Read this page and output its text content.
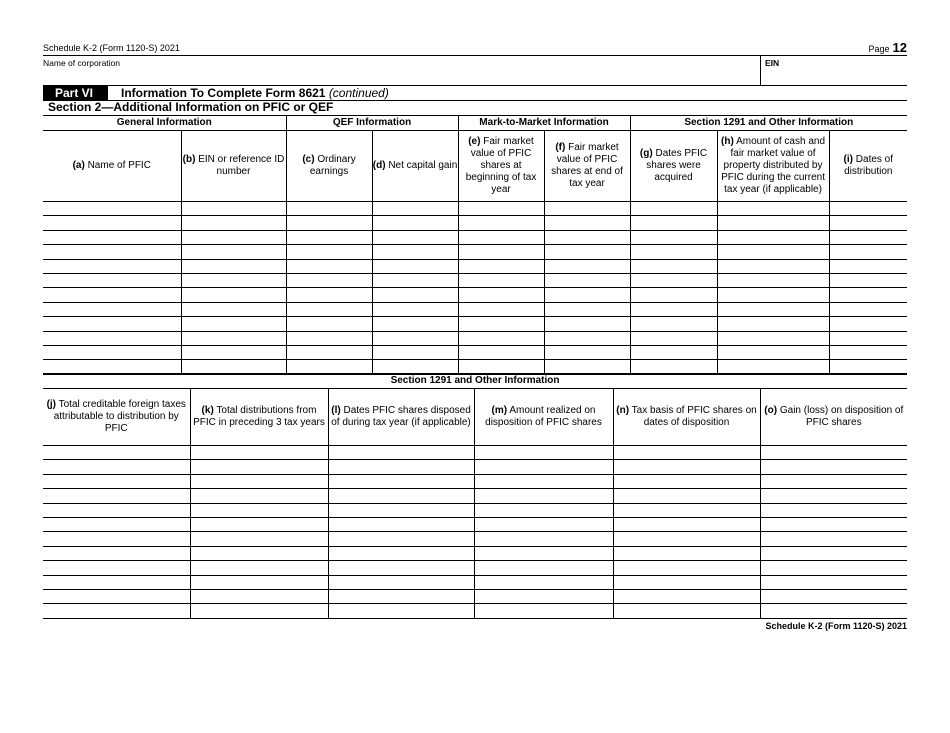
Schedule K-2 (Form 1120-S) 2021	Page 12
Name of corporation	EIN
Part VI	Information To Complete Form 8621 (continued)
Section 2—Additional Information on PFIC or QEF
General Information		QEF Information		Mark-to-Market Information		Section 1291 and Other Information		
(a) Name of PFIC	(b) EIN or reference ID number	(c) Ordinary earnings	(d) Net capital gain	(e) Fair market value of PFIC shares at beginning of tax year	(f) Fair market value of PFIC shares at end of tax year	(g) Dates PFIC shares were acquired	(h) Amount of cash and fair market value of property distributed by PFIC during the current tax year (if applicable)	(i) Dates of distribution

Section 1291 and Other Information					
(j) Total creditable foreign taxes attributable to distribution by PFIC	(k) Total distributions from PFIC in preceding 3 tax years	(l) Dates PFIC shares disposed of during tax year (if applicable)	(m) Amount realized on disposition of PFIC shares	(n) Tax basis of PFIC shares on dates of disposition	(o) Gain (loss) on disposition of PFIC shares

Schedule K-2 (Form 1120-S) 2021
